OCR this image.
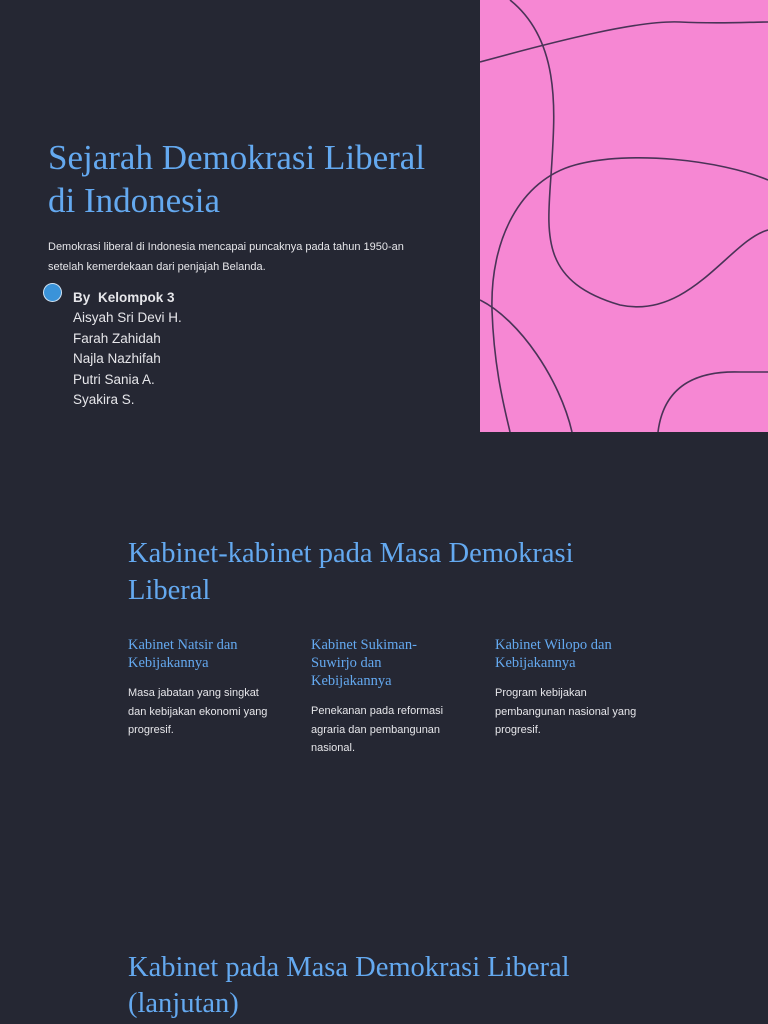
Sejarah Demokrasi Liberal
di Indonesia

Demokrasi liberal di Indonesia mencapai puncaknya pada tahun 1950-an
setelah kemerdekaan dari penjajah Belanda.

By Kelompok 3
Aisyah Sri Devi H.
Farah Zahidah
Najla Nazhifah
Putri Sania A.
Syakira S.
Kabinet-kabinet pada Masa Demokrasi
Liberal
Kabinet Natsir dan
Kebijakannya

Masa jabatan yang singkat
dan kebijakan ekonomi yang
progresif.

Kabinet Sukiman-
Suwirjo dan
Kebijakannya

Penekanan pada reformasi
agraria dan pembangunan
nasional.

Kabinet Wilopo dan
Kebijakannya

Program kebijakan
pembangunan nasional yang
progresif.

Kabinet pada Masa Demokrasi Liberal
(lanjutan)
